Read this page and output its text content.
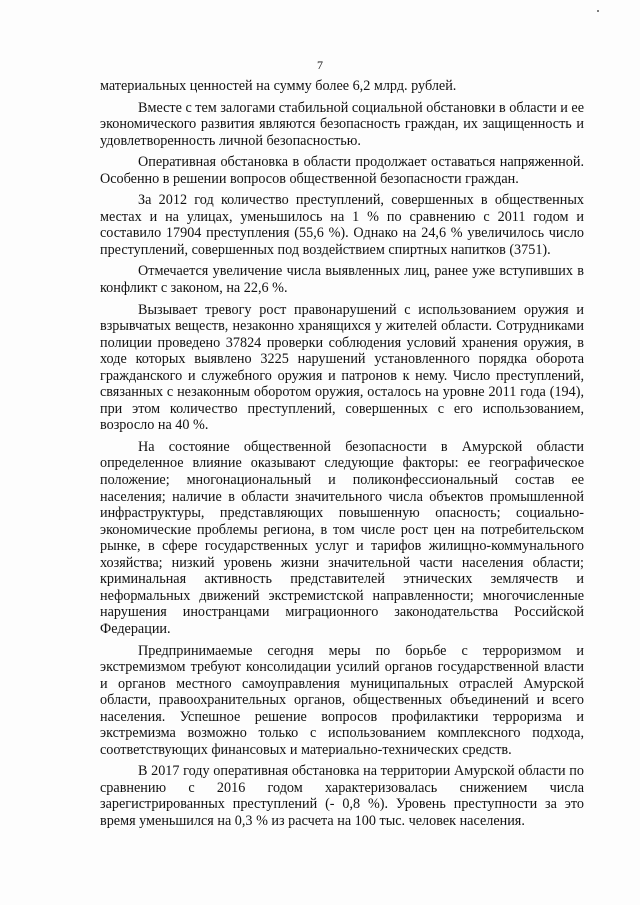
7

материальных ценностей на сумму более 6,2 млрд. рублей.

Вместе с тем залогами стабильной социальной обстановки в области и ее экономического развития являются безопасность граждан, их защищенность и удовлетворенность личной безопасностью.

Оперативная обстановка в области продолжает оставаться напряженной. Особенно в решении вопросов общественной безопасности граждан.

За 2012 год количество преступлений, совершенных в общественных местах и на улицах, уменьшилось на 1 % по сравнению с 2011 годом и составило 17904 преступления (55,6 %). Однако на 24,6 % увеличилось число преступлений, совершенных под воздействием спиртных напитков (3751).

Отмечается увеличение числа выявленных лиц, ранее уже вступивших в конфликт с законом, на 22,6 %.

Вызывает тревогу рост правонарушений с использованием оружия и взрывчатых веществ, незаконно хранящихся у жителей области. Сотрудниками полиции проведено 37824 проверки соблюдения условий хранения оружия, в ходе которых выявлено 3225 нарушений установленного порядка оборота гражданского и служебного оружия и патронов к нему. Число преступлений, связанных с незаконным оборотом оружия, осталось на уровне 2011 года (194), при этом количество преступлений, совершенных с его использованием, возросло на 40 %.

На состояние общественной безопасности в Амурской области определенное влияние оказывают следующие факторы: ее географическое положение; многонациональный и поликонфессиональный состав ее населения; наличие в области значительного числа объектов промышленной инфраструктуры, представляющих повышенную опасность; социально-экономические проблемы региона, в том числе рост цен на потребительском рынке, в сфере государственных услуг и тарифов жилищно-коммунального хозяйства; низкий уровень жизни значительной части населения области; криминальная активность представителей этнических землячеств и неформальных движений экстремистской направленности; многочисленные нарушения иностранцами миграционного законодательства Российской Федерации.

Предпринимаемые сегодня меры по борьбе с терроризмом и экстремизмом требуют консолидации усилий органов государственной власти и органов местного самоуправления муниципальных отраслей Амурской области, правоохранительных органов, общественных объединений и всего населения. Успешное решение вопросов профилактики терроризма и экстремизма возможно только с использованием комплексного подхода, соответствующих финансовых и материально-технических средств.

В 2017 году оперативная обстановка на территории Амурской области по сравнению с 2016 годом характеризовалась снижением числа зарегистрированных преступлений (- 0,8 %). Уровень преступности за это время уменьшился на 0,3 % из расчета на 100 тыс. человек населения.
